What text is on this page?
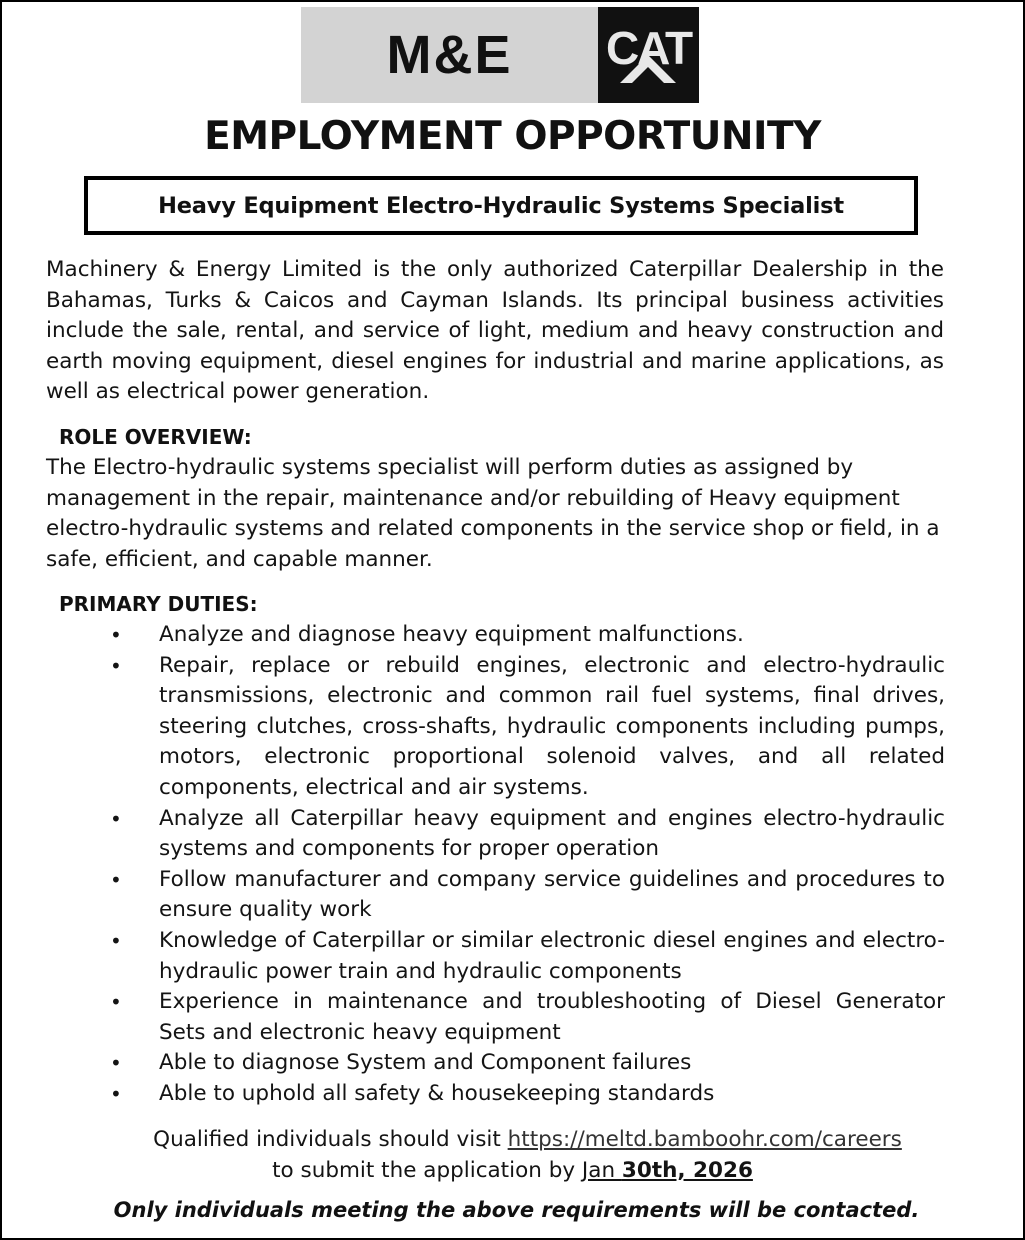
M&E	CAT
EMPLOYMENT OPPORTUNITY
Heavy Equipment Electro-Hydraulic Systems Specialist
Machinery & Energy Limited is the only authorized Caterpillar Dealership in the Bahamas, Turks & Caicos and Cayman Islands. Its principal business activities include the sale, rental, and service of light, medium and heavy construction and earth moving equipment, diesel engines for industrial and marine applications, as well as electrical power generation.
ROLE OVERVIEW:
The Electro-hydraulic systems specialist will perform duties as assigned by management in the repair, maintenance and/or rebuilding of Heavy equipment electro-hydraulic systems and related components in the service shop or field, in a safe, efficient, and capable manner.
PRIMARY DUTIES:
• Analyze and diagnose heavy equipment malfunctions.
• Repair, replace or rebuild engines, electronic and electro-hydraulic transmissions, electronic and common rail fuel systems, final drives, steering clutches, cross-shafts, hydraulic components including pumps, motors, electronic proportional solenoid valves, and all related components, electrical and air systems.
• Analyze all Caterpillar heavy equipment and engines electro-hydraulic systems and components for proper operation
• Follow manufacturer and company service guidelines and procedures to ensure quality work
• Knowledge of Caterpillar or similar electronic diesel engines and electro-hydraulic power train and hydraulic components
• Experience in maintenance and troubleshooting of Diesel Generator Sets and electronic heavy equipment
• Able to diagnose System and Component failures
• Able to uphold all safety & housekeeping standards
Qualified individuals should visit https://meltd.bamboohr.com/careers
to submit the application by Jan 30th, 2026
Only individuals meeting the above requirements will be contacted.
